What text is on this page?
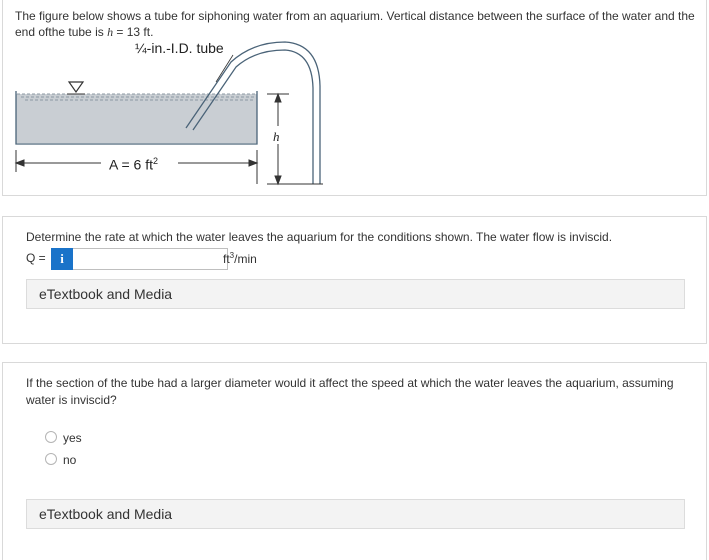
The figure below shows a tube for siphoning water from an aquarium. Vertical distance between the surface of the water and the
end ofthe tube is h = 13 ft.
¼-in.-I.D. tube
A = 6 $ft^2$
h
Determine the rate at which the water leaves the aquarium for the conditions shown. The water flow is inviscid.
Q =	i	$ft^3/\min$
eTextbook and Media
If the section of the tube had a larger diameter would it affect the speed at which the water leaves the aquarium, assuming
water is inviscid?
yes
no
eTextbook and Media
